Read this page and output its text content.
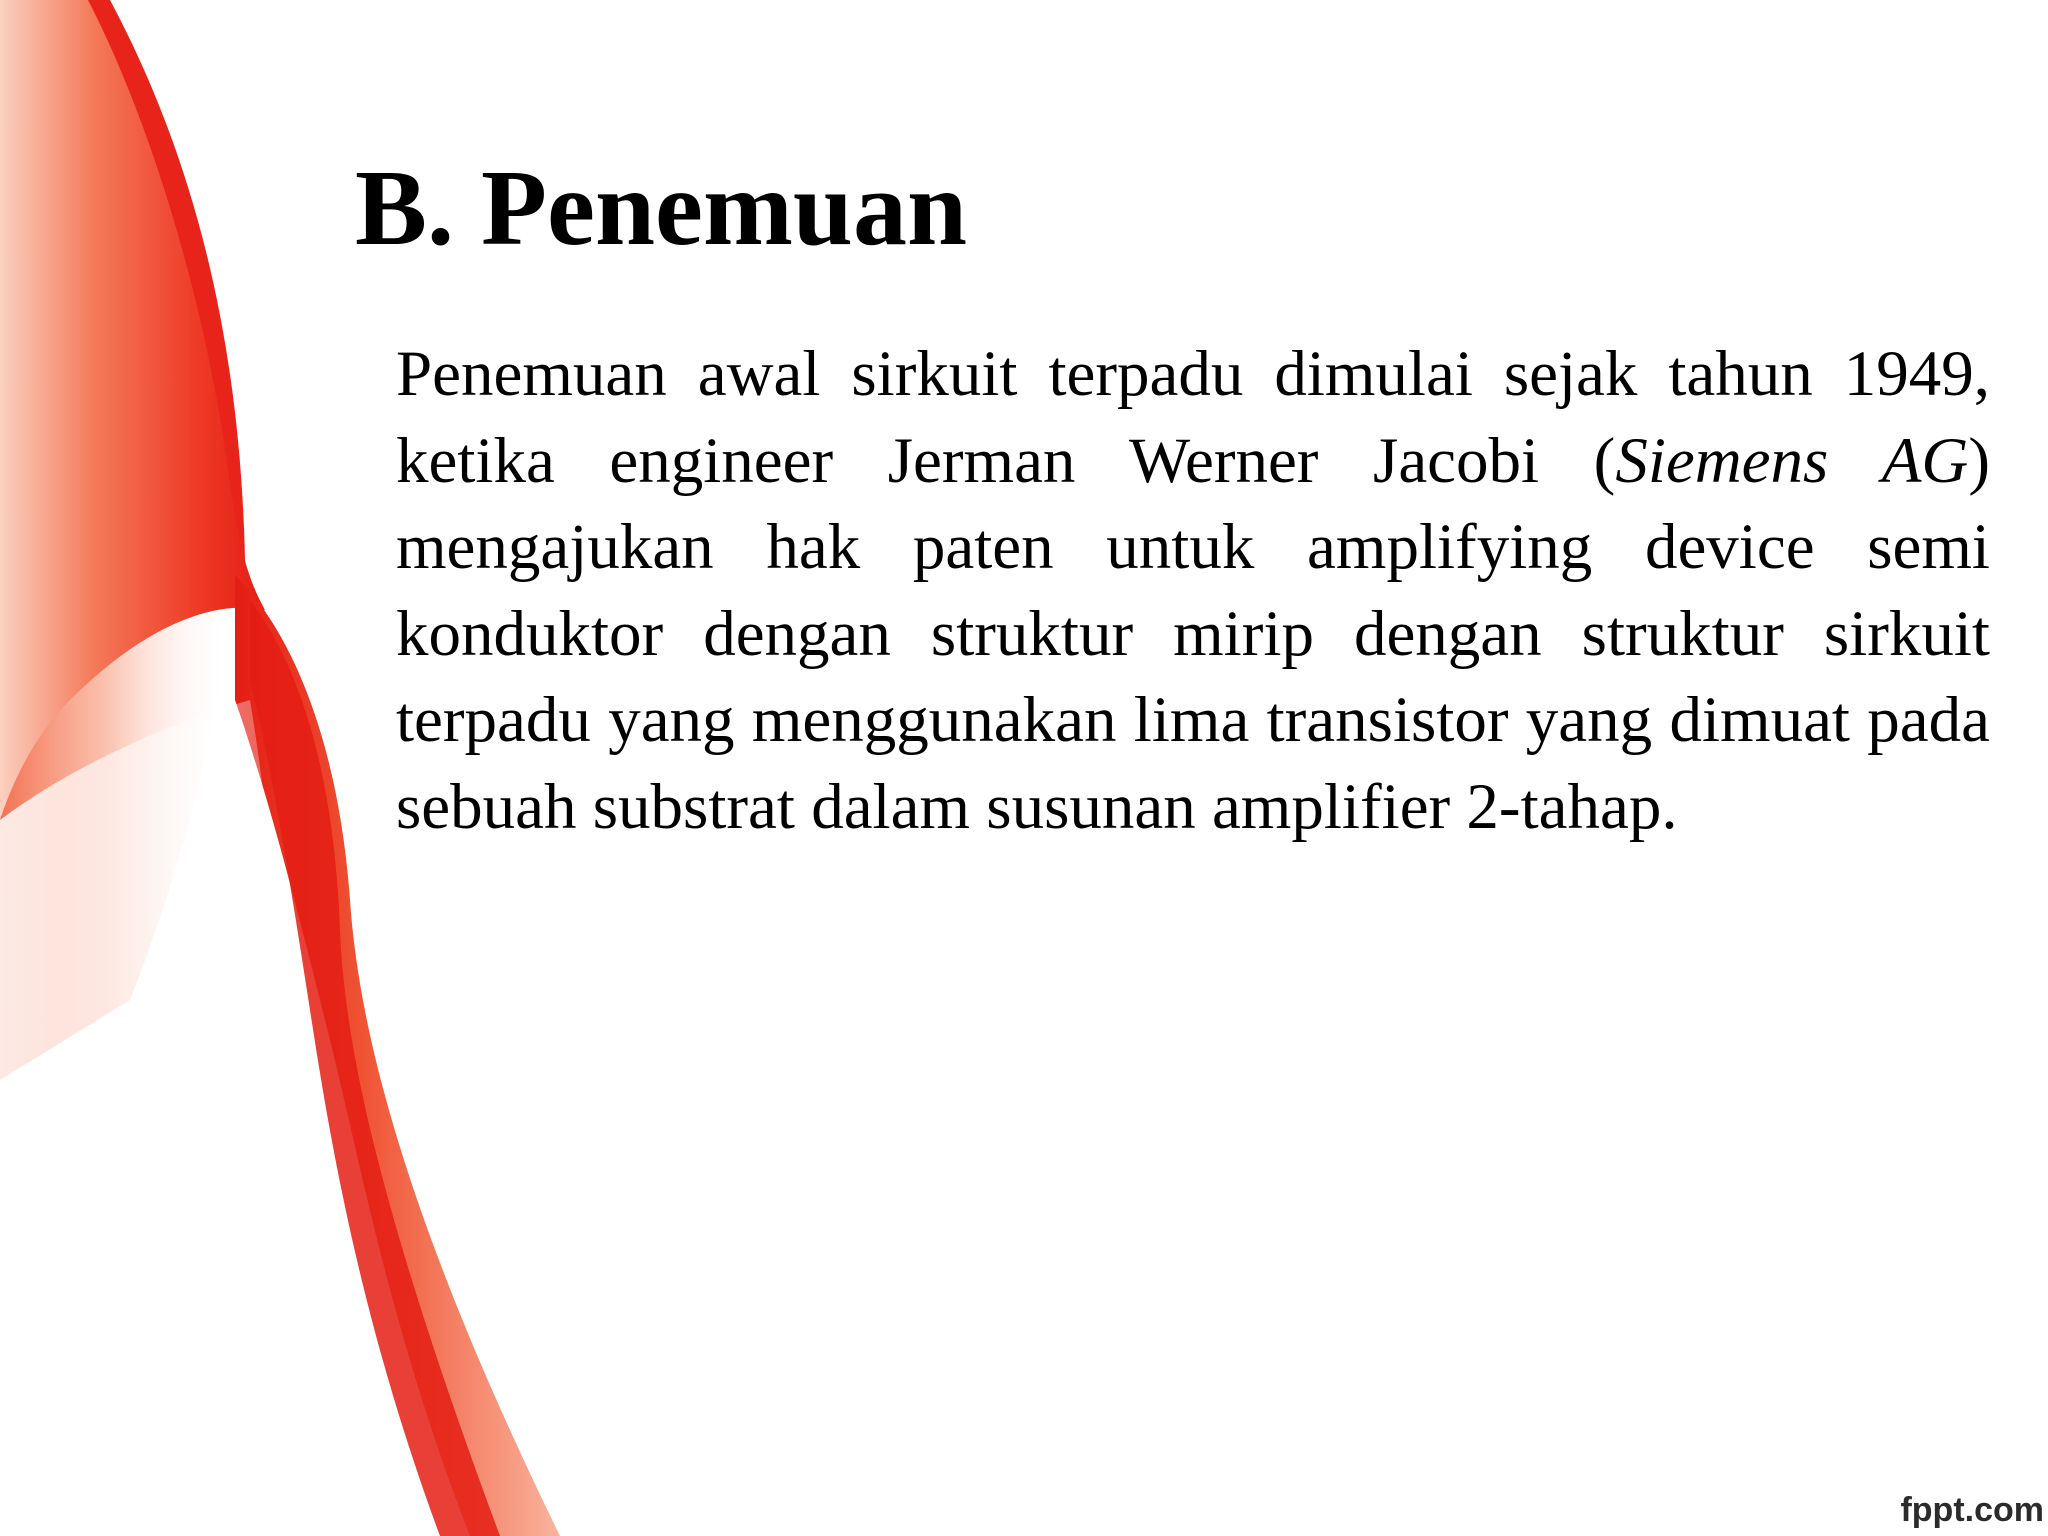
B. Penemuan

Penemuan awal sirkuit terpadu dimulai sejak tahun 1949, ketika engineer Jerman Werner Jacobi (Siemens AG) mengajukan hak paten untuk amplifying device semi konduktor dengan struktur mirip dengan struktur sirkuit terpadu yang menggunakan lima transistor yang dimuat pada sebuah substrat dalam susunan amplifier 2-tahap.

fppt.com
